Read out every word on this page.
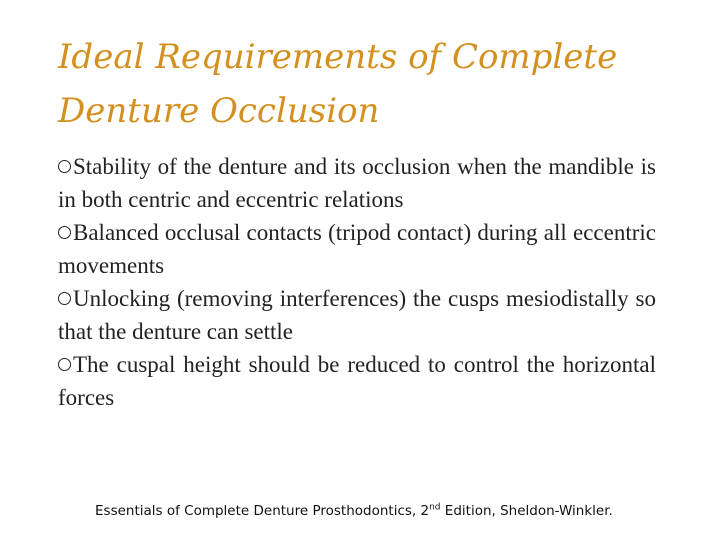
Ideal Requirements of Complete Denture Occlusion
Stability of the denture and its occlusion when the mandible is in both centric and eccentric relations
Balanced occlusal contacts (tripod contact) during all eccentric movements
Unlocking (removing interferences) the cusps mesiodistally so that the denture can settle
The cuspal height should be reduced to control the horizontal forces

Essentials of Complete Denture Prosthodontics, 2nd Edition, Sheldon-Winkler.
